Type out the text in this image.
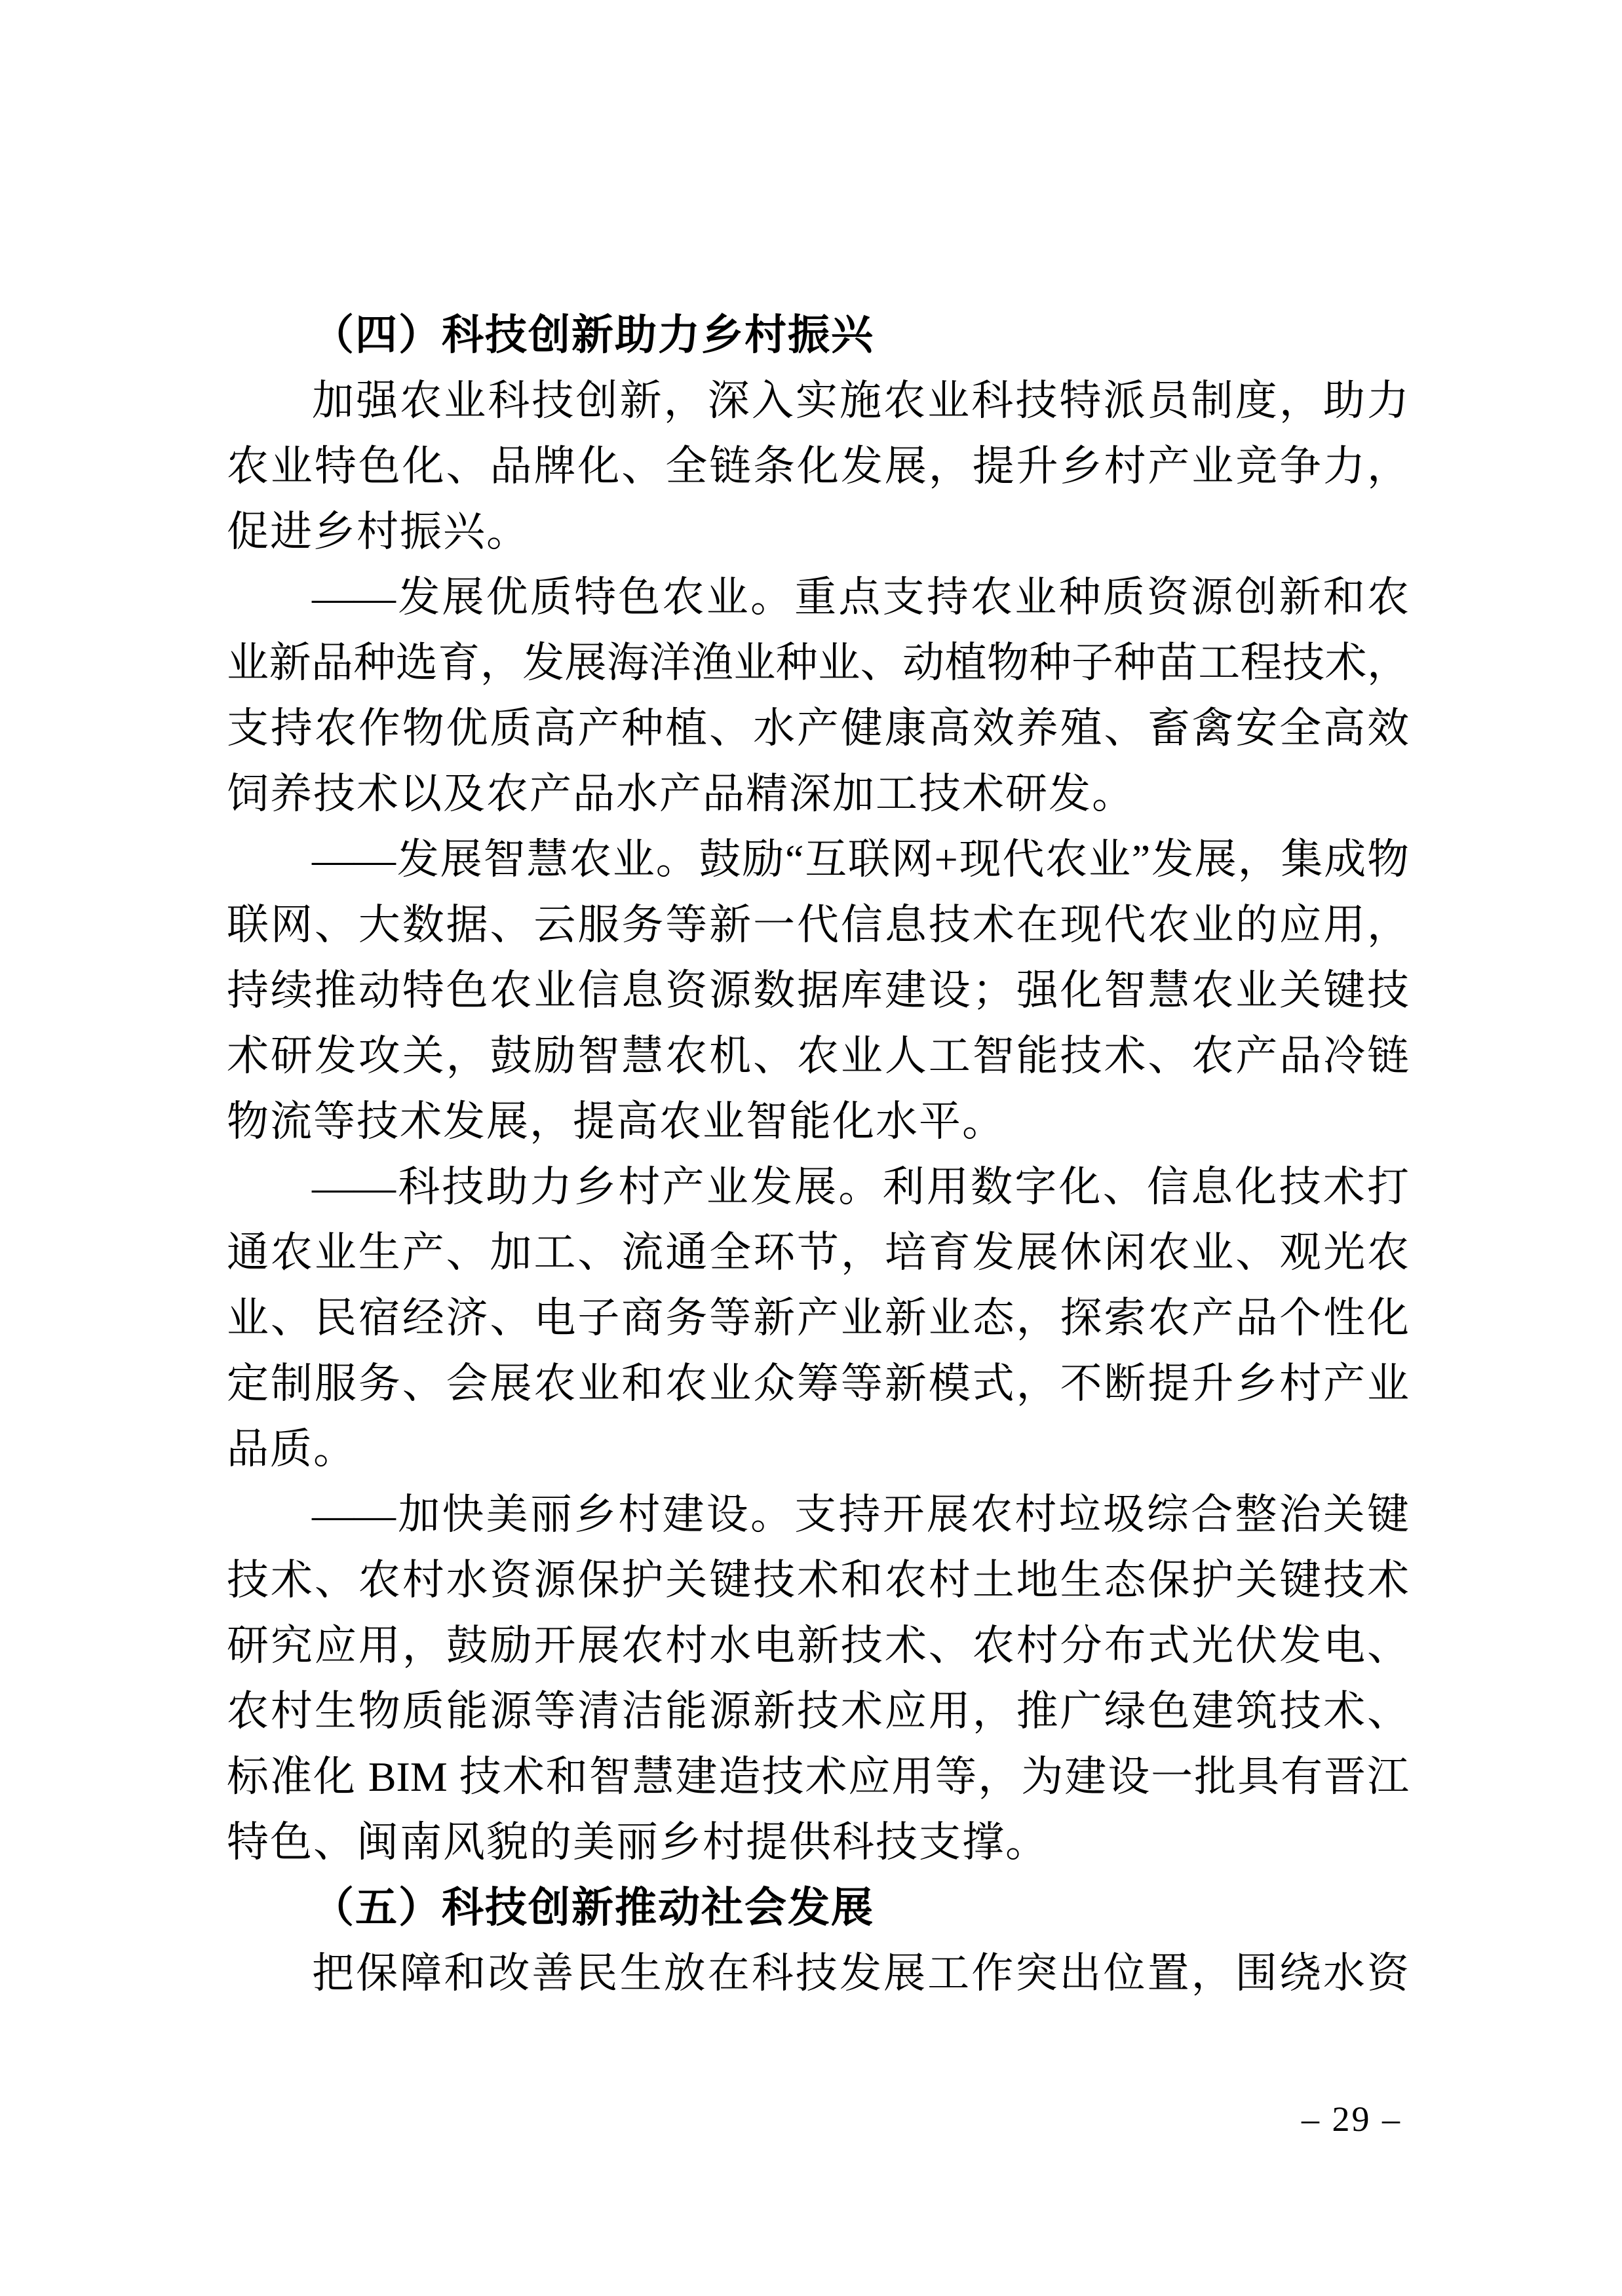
（四）科技创新助力乡村振兴
加强农业科技创新，深入实施农业科技特派员制度，助力
农业特色化、品牌化、全链条化发展，提升乡村产业竞争力，
促进乡村振兴。
——发展优质特色农业。重点支持农业种质资源创新和农
业新品种选育，发展海洋渔业种业、动植物种子种苗工程技术，
支持农作物优质高产种植、水产健康高效养殖、畜禽安全高效
饲养技术以及农产品水产品精深加工技术研发。
——发展智慧农业。鼓励“互联网+现代农业”发展，集成物
联网、大数据、云服务等新一代信息技术在现代农业的应用，
持续推动特色农业信息资源数据库建设；强化智慧农业关键技
术研发攻关，鼓励智慧农机、农业人工智能技术、农产品冷链
物流等技术发展，提高农业智能化水平。
——科技助力乡村产业发展。利用数字化、信息化技术打
通农业生产、加工、流通全环节，培育发展休闲农业、观光农
业、民宿经济、电子商务等新产业新业态，探索农产品个性化
定制服务、会展农业和农业众筹等新模式，不断提升乡村产业
品质。
——加快美丽乡村建设。支持开展农村垃圾综合整治关键
技术、农村水资源保护关键技术和农村土地生态保护关键技术
研究应用，鼓励开展农村水电新技术、农村分布式光伏发电、
农村生物质能源等清洁能源新技术应用，推广绿色建筑技术、
标准化 BIM 技术和智慧建造技术应用等，为建设一批具有晋江
特色、闽南风貌的美丽乡村提供科技支撑。
（五）科技创新推动社会发展
把保障和改善民生放在科技发展工作突出位置，围绕水资
– 29 –
